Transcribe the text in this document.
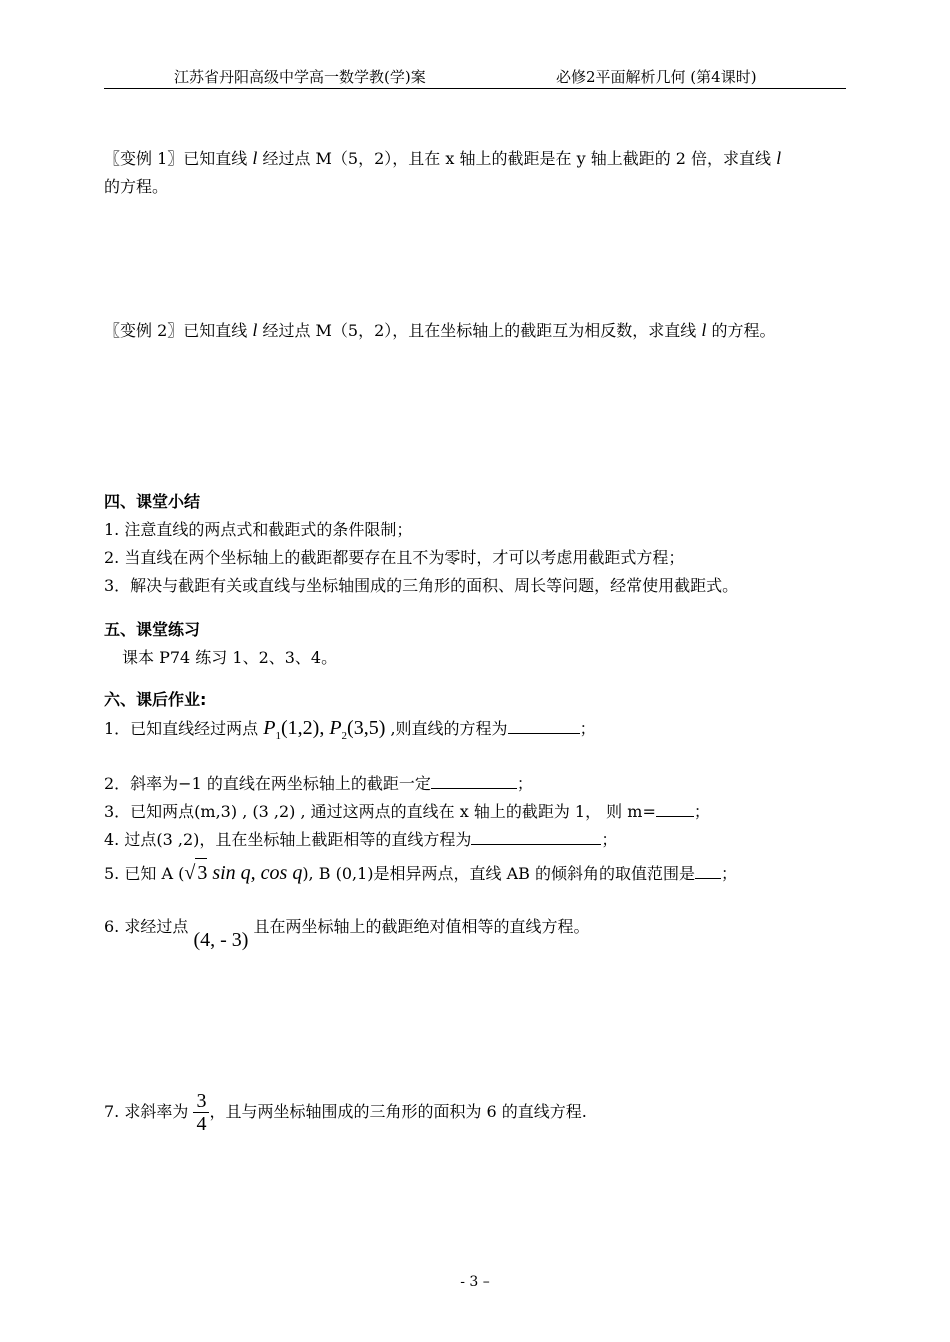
江苏省丹阳高级中学高一数学教(学)案	必修2平面解析几何 (第4课时)
〖变例 1〗已知直线 l 经过点 M（5，2），且在 x 轴上的截距是在 y 轴上截距的 2 倍，求直线 l
的方程。
〖变例 2〗已知直线 l 经过点 M（5，2），且在坐标轴上的截距互为相反数，求直线 l 的方程。
四、课堂小结
1. 注意直线的两点式和截距式的条件限制；
2. 当直线在两个坐标轴上的截距都要存在且不为零时，才可以考虑用截距式方程；
3．解决与截距有关或直线与坐标轴围成的三角形的面积、周长等问题，经常使用截距式。
五、课堂练习
课本 P74 练习 1、2、3、4。
六、课后作业:
1．已知直线经过两点 $P_1(1,2)$, $P_2(3,5)$ ,则直线的方程为	；
2．斜率为−1 的直线在两坐标轴上的截距一定	；
3．已知两点(m,3) , (3 ,2) , 通过这两点的直线在 x 轴上的截距为 1， 则 m= ；
4. 过点(3 ,2)，且在坐标轴上截距相等的直线方程为	；
5. 已知 A (√ 3 sin q, cos q), B (0,1)是相异两点，直线 AB 的倾斜角的取值范围是 ；
6. 求经过点 (4, - 3) 且在两坐标轴上的截距绝对值相等的直线方程。
7. 求斜率为 $\frac{3}{4}$ ，且与两坐标轴围成的三角形的面积为 6 的直线方程.
- 3 –
